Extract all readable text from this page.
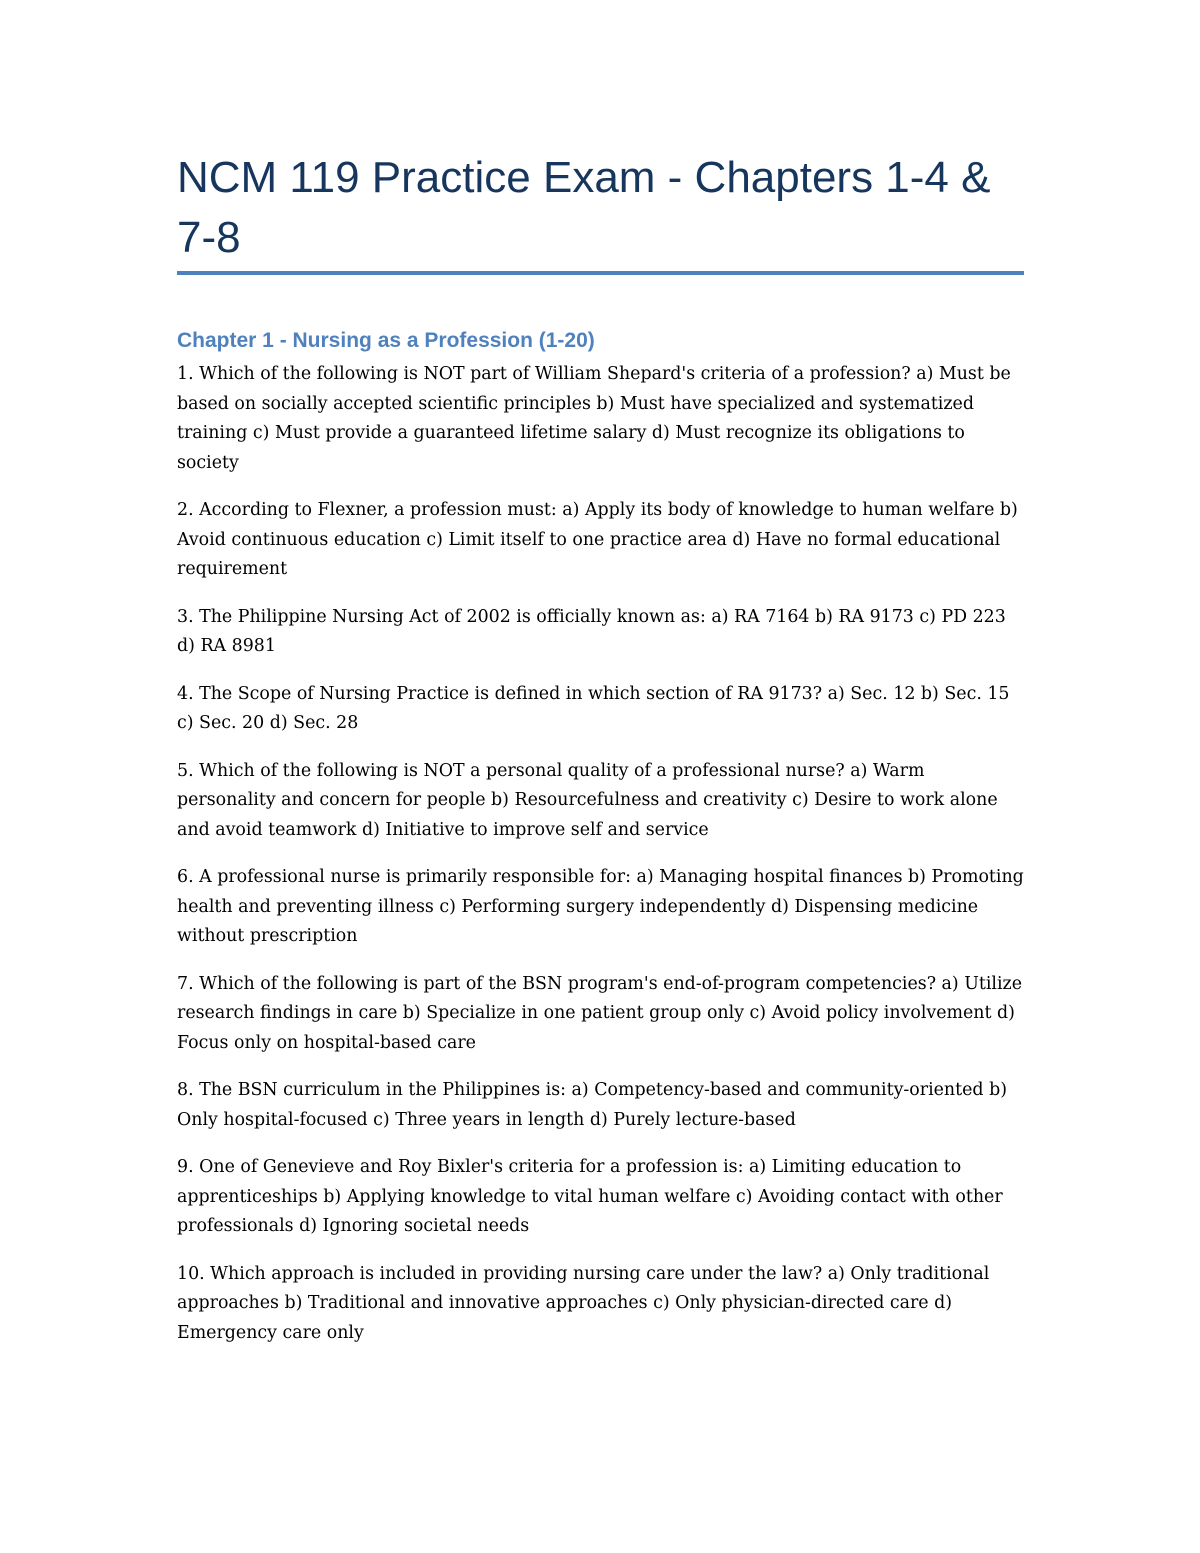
NCM 119 Practice Exam - Chapters 1-4 & 7-8
Chapter 1 - Nursing as a Profession (1-20)
1. Which of the following is NOT part of William Shepard's criteria of a profession? a) Must be based on socially accepted scientific principles b) Must have specialized and systematized training c) Must provide a guaranteed lifetime salary d) Must recognize its obligations to society
2. According to Flexner, a profession must: a) Apply its body of knowledge to human welfare b) Avoid continuous education c) Limit itself to one practice area d) Have no formal educational requirement
3. The Philippine Nursing Act of 2002 is officially known as: a) RA 7164 b) RA 9173 c) PD 223 d) RA 8981
4. The Scope of Nursing Practice is defined in which section of RA 9173? a) Sec. 12 b) Sec. 15 c) Sec. 20 d) Sec. 28
5. Which of the following is NOT a personal quality of a professional nurse? a) Warm personality and concern for people b) Resourcefulness and creativity c) Desire to work alone and avoid teamwork d) Initiative to improve self and service
6. A professional nurse is primarily responsible for: a) Managing hospital finances b) Promoting health and preventing illness c) Performing surgery independently d) Dispensing medicine without prescription
7. Which of the following is part of the BSN program's end-of-program competencies? a) Utilize research findings in care b) Specialize in one patient group only c) Avoid policy involvement d) Focus only on hospital-based care
8. The BSN curriculum in the Philippines is: a) Competency-based and community-oriented b) Only hospital-focused c) Three years in length d) Purely lecture-based
9. One of Genevieve and Roy Bixler's criteria for a profession is: a) Limiting education to apprenticeships b) Applying knowledge to vital human welfare c) Avoiding contact with other professionals d) Ignoring societal needs
10. Which approach is included in providing nursing care under the law? a) Only traditional approaches b) Traditional and innovative approaches c) Only physician-directed care d) Emergency care only
